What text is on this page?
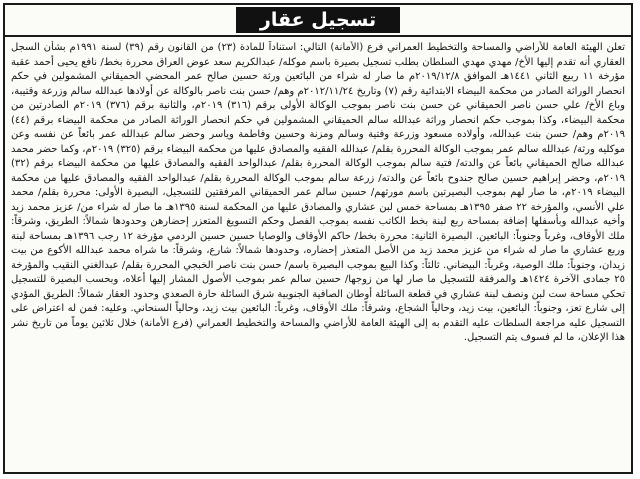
تسجيل عقار

تعلن الهيئة العامة للأراضي والمساحة والتخطيط العمراني فرع (الأمانة) التالي: استناداً للمادة (٢٣) من القانون رقم (٣٩) لسنة ١٩٩١م بشأن السجل العقاري أنه تقدم إليها الأخ/ مهدي مهدي السلطان بطلب تسجيل بصيرة باسم موكله/ عبدالكريم سعد عوض العراق محررة بخط/ نافع يحيى أحمد عقبة مؤرخة ١١ ربيع الثاني ١٤٤١هـ الموافق ٢٠١٩/١٢/٨م ما صار له شراء من البائعين ورثة حسين صالح عمر المحضي الحميقاني المشمولين في حكم انحصار الوراثة الصادر من محكمة البيضاء الابتدائية رقم (٧) وتاريخ ٢٠١٢/١١/٢٤م وهم/ حسن بنت ناصر بالوكالة عن أولادها عبدالله سالم وزرعة وقتيبة، وباع الأخ/ علي حسن ناصر الحميقاني عن حسن بنت ناصر بموجب الوكالة الأولى برقم (٣١٦) ٢٠١٩م، والثانية برقم (٣٧٦) ٢٠١٩م الصادرتين من محكمة البيضاء، وكذا بموجب حكم انحصار وراثة عبدالله سالم الحميقاني المشمولين في حكم انحصار الوراثة الصادر من محكمة البيضاء برقم (٤٤) ٢٠١٩م وهم/ حسن بنت عبدالله، وأولاده مسعود وزرعة وفتية وسالم ومزنة وحسين وفاطمة وياسر وحضر سالم عبدالله عمر بائعاً عن نفسه وعن موكليه ورثة/ عبدالله سالم عمر بموجب الوكالة المحررة بقلم/ عبدالله الفقيه والمصادق عليها من محكمة البيضاء برقم (٣٢٥) ٢٠١٩م، وكما حضر محمد عبدالله صالح الحميقاني بائعاً عن والدته/ فتية سالم بموجب الوكالة المحررة بقلم/ عبدالواحد الفقيه والمصادق عليها من محكمة البيضاء برقم (٣٢) ٢٠١٩م، وحضر إبراهيم حسين صالح جندوح بائعاً عن والدته/ زرعة سالم بموجب الوكالة المحررة بقلم/ عبدالواحد الفقيه والمصادق عليها من محكمة البيضاء ٢٠١٩م، ما صار لهم بموجب البصيرتين باسم مورثهم/ حسين سالم عمر الحميقاني المرفقتين للتسجيل، البصيرة الأولى: محررة بقلم/ محمد علي الأنسي، والمؤرخة ٢٢ صفر ١٣٩٥هـ بمساحة خمس لبن عشاري والمصادق عليها من المحكمة لسنة ١٣٩٥هـ ما صار له شراء من/ عزيز محمد زيد وأخيه عبدالله وبأسفلها إضافة بمساحة ربع لبنة بخط الكاتب نفسه بموجب الفصل وحكم التسويغ المتعزر إحضارهن وحدودها شمالاً: الطريق، وشرقاً: ملك الأوقاف، وغرباً وجنوباً: البائعين. البصيرة الثانية: محررة بخط/ حاكم الأوقاف والوصايا حسين حسين الردمي مؤرخة ١٢ رجب ١٣٩٦هـ بمساحة لبنة وربع عشاري ما صار له شراء من عزيز محمد زيد من الأصل المتعذر إحضاره، وحدودها شمالاً: شارع، وشرقاً: ما شراه محمد عبدالله الأكوع من بيت زيدان، وجنوباً: ملك الوصية، وغرباً: البيضاني. ثالثاً: وكذا البيع بموجب البصيرة باسم/ حسن بنت ناصر الخبجي المحررة بقلم/ عبدالغني النقيب والمؤرخة ٢٥ جمادى الآخرة ١٤٢٤هـ والمرفقة للتسجيل ما صار لها من زوجها/ حسين سالم عمر بموجب الأصول المشار إليها أعلاه، وبحسب البصيرة للتسجيل تحكي مساحة ست لبن ونصف لبنة عشاري في قطعة السائلة أوطان الصافية الجنوبية شرق السائلة حارة الصعدي وحدود العقار شمالاً: الطريق المؤدي إلى شارع تعز، وجنوباً: البائعين، بيت زيد، وحالياً الشجاع، وشرقاً: ملك الأوقاف، وغرباً: البائعين بيت زيد، وحالياً السنحاني. وعليه: فمن له اعتراض على التسجيل عليه مراجعة السلطات عليه التقدم به إلى الهيئة العامة للأراضي والمساحة والتخطيط العمراني (فرع الأمانة) خلال ثلاثين يوماً من تاريخ نشر هذا الإعلان، ما لم فسوف يتم التسجيل.
